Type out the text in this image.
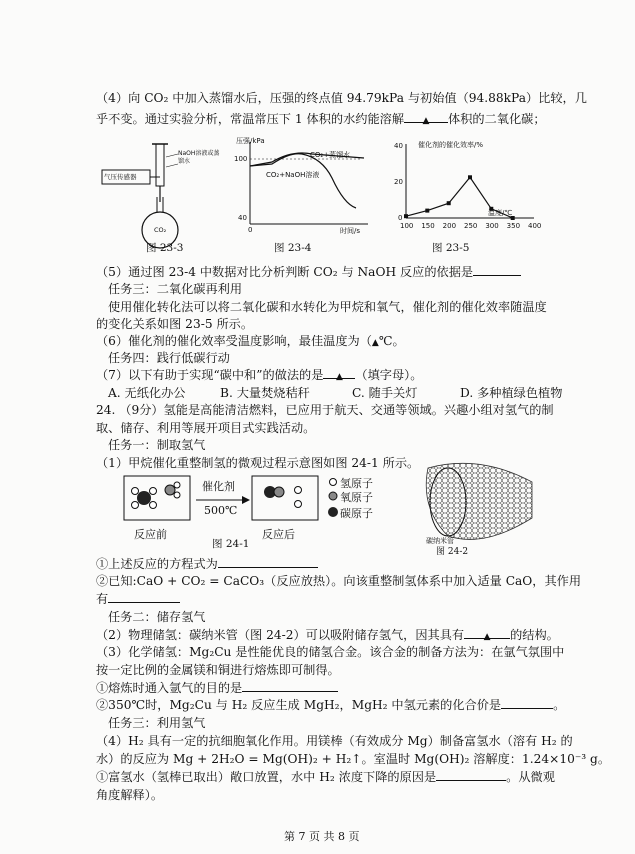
（4）向 CO₂ 中加入蒸馏水后，压强的终点值 94.79kPa 与初始值（94.88kPa）比较，几
乎不变。通过实验分析，常温常压下 1 体积的水约能溶解 ▲ 体积的二氧化碳；
气压传感器
NaOH溶液或蒸馏水
CO₂
图 23-3
压强/kPa
100
40
0	时间/s
CO₂+蒸馏水
CO₂+NaOH溶液
图 23-4
催化剂的催化效率/%
40
20
0
温度/℃
100 150 200 250 300 350 400
图 23-5
（5）通过图 23-4 中数据对比分析判断 CO₂ 与 NaOH 反应的依据是
任务三：二氧化碳再利用
使用催化转化法可以将二氧化碳和水转化为甲烷和氧气，催化剂的催化效率随温度
的变化关系如图 23-5 所示。
（6）催化剂的催化效率受温度影响，最佳温度为（▲℃。
任务四：践行低碳行动
（7）以下有助于实现“碳中和”的做法的是 ▲ （填字母）。
A. 无纸化办公	B. 大量焚烧秸秆	C. 随手关灯	D. 多种植绿色植物
24. （9分）氢能是高能清洁燃料，已应用于航天、交通等领域。兴趣小组对氢气的制
取、储存、利用等展开项目式实践活动。
任务一：制取氢气
（1）甲烷催化重整制氢的微观过程示意图如图 24-1 所示。
催化剂
500℃
氢原子
氧原子
碳原子
反应前	反应后
图 24-1	碳纳米管
图 24-2
①上述反应的方程式为
②已知:CaO + CO₂ = CaCO₃（反应放热）。向该重整制氢体系中加入适量 CaO，其作用
有
任务二：储存氢气
（2）物理储氢：碳纳米管（图 24-2）可以吸附储存氢气，因其具有 ▲ 的结构。
（3）化学储氢：Mg₂Cu 是性能优良的储氢合金。该合金的制备方法为：在氩气氛围中
按一定比例的金属镁和铜进行熔炼即可制得。
①熔炼时通入氩气的目的是
②350℃时，Mg₂Cu 与 H₂ 反应生成 MgH₂，MgH₂ 中氢元素的化合价是	。
任务三：利用氢气
（4）H₂ 具有一定的抗细胞氧化作用。用镁棒（有效成分 Mg）制备富氢水（溶有 H₂ 的
水）的反应为 Mg + 2H₂O = Mg(OH)₂ + H₂↑。室温时 Mg(OH)₂ 溶解度：1.24×10⁻³ g。
①富氢水（氢棒已取出）敞口放置，水中 H₂ 浓度下降的原因是	。从微观
角度解释）。
第 7 页 共 8 页
